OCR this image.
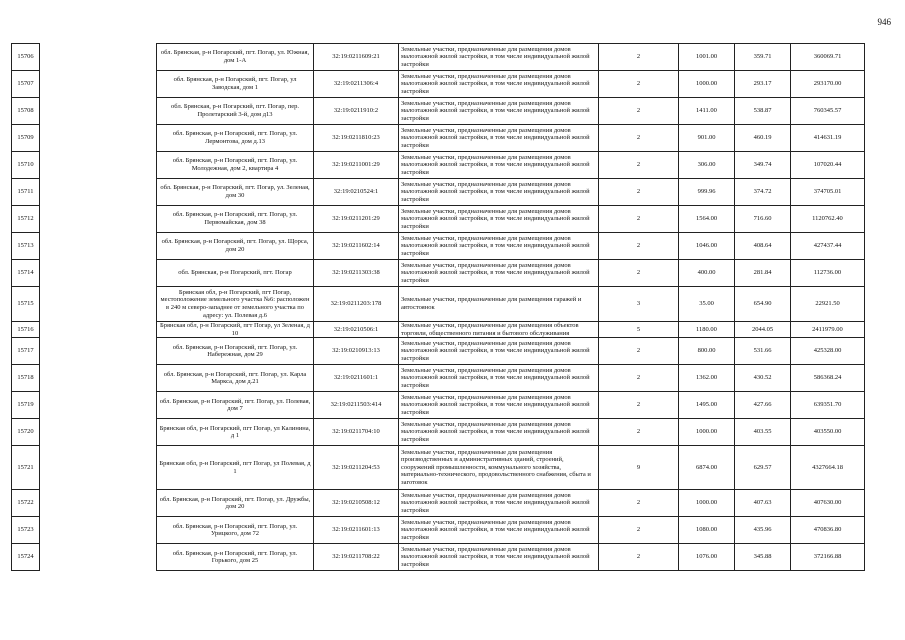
946
15706		обл. Брянская, р-н Погарский, пгт. Погар, ул. Южная, дом 1-А	32:19:0211609:21	Земельные участки, предназначенные для размещения домов малоэтажной жилой застройки, в том числе индивидуальной жилой застройки	2	1001.00	359.71	360069.71
15707		обл. Брянская, р-н Погарский, пгт. Погар, ул Заводская, дом 1	32:19:0211306:4	Земельные участки, предназначенные для размещения домов малоэтажной жилой застройки, в том числе индивидуальной жилой застройки	2	1000.00	293.17	293170.00
15708		обл. Брянская, р-н Погарский, пгт. Погар, пер. Пролетарский 3-й, дом д13	32:19:0211910:2	Земельные участки, предназначенные для размещения домов малоэтажной жилой застройки, в том числе индивидуальной жилой застройки	2	1411.00	538.87	760345.57
15709		обл. Брянская, р-н Погарский, пгт. Погар, ул. Лермонтова, дом д.13	32:19:0211810:23	Земельные участки, предназначенные для размещения домов малоэтажной жилой застройки, в том числе индивидуальной жилой застройки	2	901.00	460.19	414631.19
15710		обл. Брянская, р-н Погарский, пгт. Погар, ул. Молодежная, дом 2, квартира 4	32:19:0211001:29	Земельные участки, предназначенные для размещения домов малоэтажной жилой застройки, в том числе индивидуальной жилой застройки	2	306.00	349.74	107020.44
15711		обл. Брянская, р-н Погарский, пгт. Погар, ул. Зеленая, дом 30	32:19:0210524:1	Земельные участки, предназначенные для размещения домов малоэтажной жилой застройки, в том числе индивидуальной жилой застройки	2	999.96	374.72	374705.01
15712		обл. Брянская, р-н Погарский, пгт. Погар, ул. Первомайская, дом 38	32:19:0211201:29	Земельные участки, предназначенные для размещения домов малоэтажной жилой застройки, в том числе индивидуальной жилой застройки	2	1564.00	716.60	1120762.40
15713		обл. Брянская, р-н Погарский, пгт. Погар, ул. Щорса, дом 20	32:19:0211602:14	Земельные участки, предназначенные для размещения домов малоэтажной жилой застройки, в том числе индивидуальной жилой застройки	2	1046.00	408.64	427437.44
15714		обл. Брянская, р-н Погарский, пгт. Погар	32:19:0211303:38	Земельные участки, предназначенные для размещения домов малоэтажной жилой застройки, в том числе индивидуальной жилой застройки	2	400.00	281.84	112736.00
15715		Брянская обл, р-н Погарский, пгт Погар, местоположение земельного участка №6: расположен в 240 м северо-западнее от земельного участка по адресу: ул. Полевая д.6	32:19:0211203:178	Земельные участки, предназначенные для размещения гаражей и автостоянок	3	35.00	654.90	22921.50
15716		Брянская обл, р-н Погарский, пгт Погар, ул Зеленая, д 10	32:19:0210506:1	Земельные участки, предназначенные для размещения объектов торговли, общественного питания и бытового обслуживания	5	1180.00	2044.05	2411979.00
15717		обл. Брянская, р-н Погарский, пгт. Погар, ул. Набережная, дом 29	32:19:0210913:13	Земельные участки, предназначенные для размещения домов малоэтажной жилой застройки, в том числе индивидуальной жилой застройки	2	800.00	531.66	425328.00
15718		обл. Брянская, р-н Погарский, пгт. Погар, ул. Карла Маркса, дом д.21	32:19:0211601:1	Земельные участки, предназначенные для размещения домов малоэтажной жилой застройки, в том числе индивидуальной жилой застройки	2	1362.00	430.52	586368.24
15719		обл. Брянская, р-н Погарский, пгт. Погар, ул. Полевая, дом 7	32:19:0211503:414	Земельные участки, предназначенные для размещения домов малоэтажной жилой застройки, в том числе индивидуальной жилой застройки	2	1495.00	427.66	639351.70
15720		Брянская обл, р-н Погарский, пгт Погар, ул Калинина, д 1	32:19:0211704:10	Земельные участки, предназначенные для размещения домов малоэтажной жилой застройки, в том числе индивидуальной жилой застройки	2	1000.00	403.55	403550.00
15721		Брянская обл, р-н Погарский, пгт Погар, ул Полевая, д 1	32:19:0211204:53	Земельные участки, предназначенные для размещения производственных и административных зданий, строений, сооружений промышленности, коммунального хозяйства, материально-технического, продовольственного снабжения, сбыта и заготовок	9	6874.00	629.57	4327664.18
15722		обл. Брянская, р-н Погарский, пгт. Погар, ул. Дружбы, дом 20	32:19:0210508:12	Земельные участки, предназначенные для размещения домов малоэтажной жилой застройки, в том числе индивидуальной жилой застройки	2	1000.00	407.63	407630.00
15723		обл. Брянская, р-н Погарский, пгт. Погар, ул. Урицкого, дом 72	32:19:0211601:13	Земельные участки, предназначенные для размещения домов малоэтажной жилой застройки, в том числе индивидуальной жилой застройки	2	1080.00	435.96	470836.80
15724		обл. Брянская, р-н Погарский, пгт. Погар, ул. Горького, дом 25	32:19:0211708:22	Земельные участки, предназначенные для размещения домов малоэтажной жилой застройки, в том числе индивидуальной жилой застройки	2	1076.00	345.88	372166.88
